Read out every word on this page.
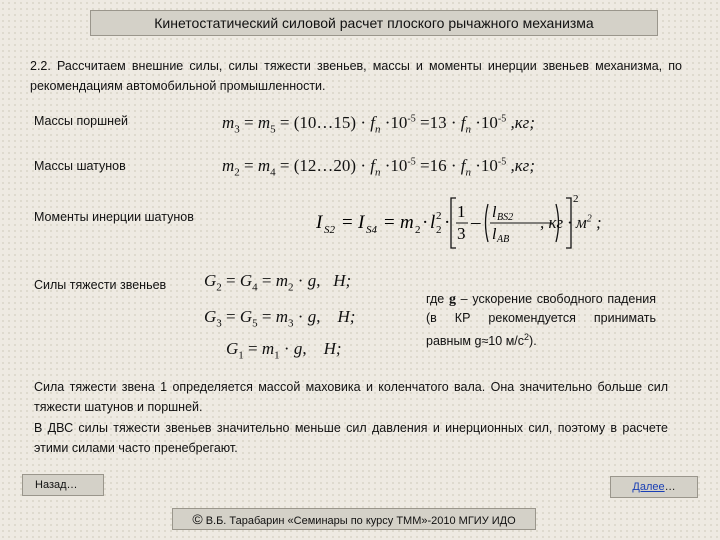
Кинетостатический силовой расчет плоского рычажного механизма
2.2. Рассчитаем внешние силы, силы тяжести звеньев, массы и моменты инерции звеньев механизма, по рекомендациям автомобильной промышленности.
Массы поршней	$m_3 = m_5$ = (10…15) · $f_n \cdot 10^{-5} =13 \cdot f_n \cdot 10^{-5}$ ,кг;
Массы шатунов	$m_2 = m_4$ = (12…20) · $f_n \cdot 10^{-5} =16 \cdot f_n \cdot 10^{-5}$ ,кг;
Моменты инерции шатунов	I S2 = I S4 = m 2 · l 2
2 ·
1
3
– l BS2
l AB
2
, кг · $м^2$ ;
Силы тяжести звеньев $G_2 = G_4 = m_2 \cdot g$,   H;
$G_3 = G_5 = m_3 \cdot g$,    H;
$G_1 = m_1 \cdot g$,    H;
где g – ускорение свободного падения (в КР рекомендуется принимать равным g≈10 $м/с^2$).
Сила тяжести звена 1 определяется массой маховика и коленчатого вала. Она значительно больше сил тяжести шатунов и поршней.
В ДВС силы тяжести звеньев значительно меньше сил давления и инерционных сил, поэтому в расчете этими силами часто пренебрегают.
Назад…	Далее…
© В.Б. Тарабарин «Семинары по курсу ТММ»-2010 МГИУ ИДО
